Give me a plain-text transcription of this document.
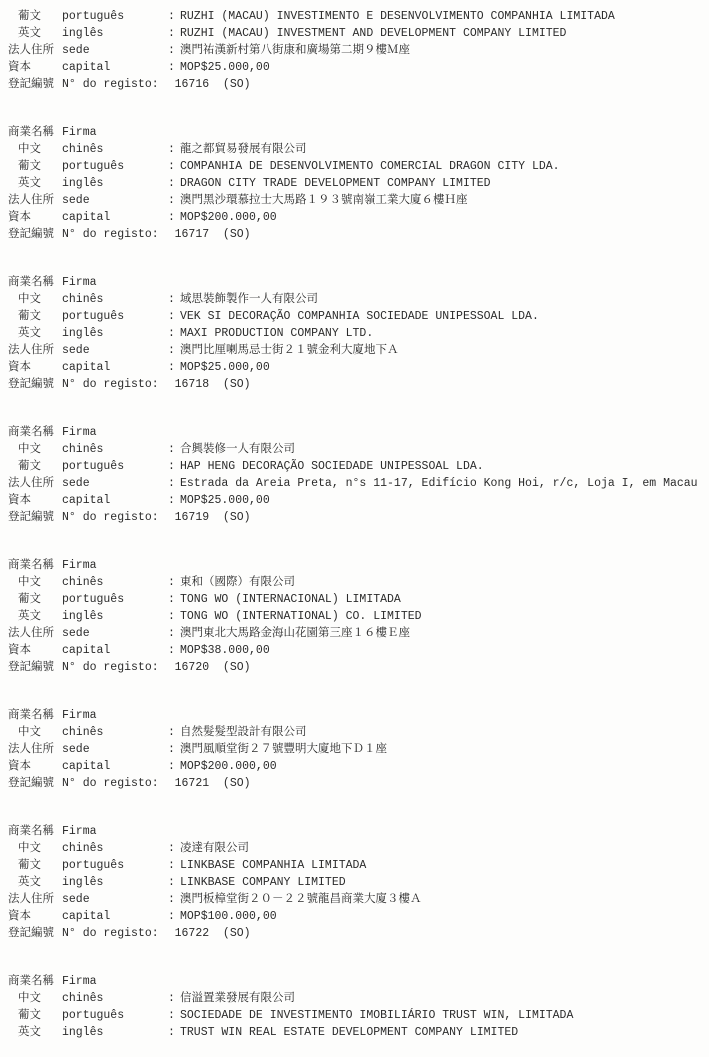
葡文	português	: RUZHI (MACAU) INVESTIMENTO E DESENVOLVIMENTO COMPANHIA LIMITADA
英文	inglês	: RUZHI (MACAU) INVESTMENT AND DEVELOPMENT COMPANY LIMITED
法人住所 sede	: 澳門祐漢新村第八街康和廣場第二期９樓Ｍ座
資本	capital	: MOP$25.000,00
登記編號 N° do registo: 16716  (SO)
商業名稱 Firma
中文	chinês	: 龍之都貿易發展有限公司
葡文	português	: COMPANHIA DE DESENVOLVIMENTO COMERCIAL DRAGON CITY LDA.
英文	inglês	: DRAGON CITY TRADE DEVELOPMENT COMPANY LIMITED
法人住所 sede	: 澳門黑沙環慕拉士大馬路１９３號南嶺工業大廈６樓Ｈ座
資本	capital	: MOP$200.000,00
登記編號 N° do registo: 16717  (SO)
商業名稱 Firma
中文	chinês	: 域思裝飾製作一人有限公司
葡文	português	: VEK SI DECORAÇÃO COMPANHIA SOCIEDADE UNIPESSOAL LDA.
英文	inglês	: MAXI PRODUCTION COMPANY LTD.
法人住所 sede	: 澳門比厘喇馬忌士街２１號金利大廈地下Ａ
資本	capital	: MOP$25.000,00
登記編號 N° do registo: 16718  (SO)
商業名稱 Firma
中文	chinês	: 合興裝修一人有限公司
葡文	português	: HAP HENG DECORAÇÃO SOCIEDADE UNIPESSOAL LDA.
法人住所 sede	: Estrada da Areia Preta, n°s 11-17, Edifício Kong Hoi, r/c, Loja I, em Macau
資本	capital	: MOP$25.000,00
登記編號 N° do registo: 16719  (SO)
商業名稱 Firma
中文	chinês	: 東和（國際）有限公司
葡文	português	: TONG WO (INTERNACIONAL) LIMITADA
英文	inglês	: TONG WO (INTERNATIONAL) CO. LIMITED
法人住所 sede	: 澳門東北大馬路金海山花園第三座１６樓Ｅ座
資本	capital	: MOP$38.000,00
登記編號 N° do registo: 16720  (SO)
商業名稱 Firma
中文	chinês	: 自然髮髮型設計有限公司
法人住所 sede	: 澳門風順堂街２７號豐明大廈地下Ｄ１座
資本	capital	: MOP$200.000,00
登記編號 N° do registo: 16721  (SO)
商業名稱 Firma
中文	chinês	: 凌達有限公司
葡文	português	: LINKBASE COMPANHIA LIMITADA
英文	inglês	: LINKBASE COMPANY LIMITED
法人住所 sede	: 澳門板樟堂街２０－２２號龍昌商業大廈３樓Ａ
資本	capital	: MOP$100.000,00
登記編號 N° do registo: 16722  (SO)
商業名稱 Firma
中文	chinês	: 信溢置業發展有限公司
葡文	português	: SOCIEDADE DE INVESTIMENTO IMOBILIÁRIO TRUST WIN, LIMITADA
英文	inglês	: TRUST WIN REAL ESTATE DEVELOPMENT COMPANY LIMITED
